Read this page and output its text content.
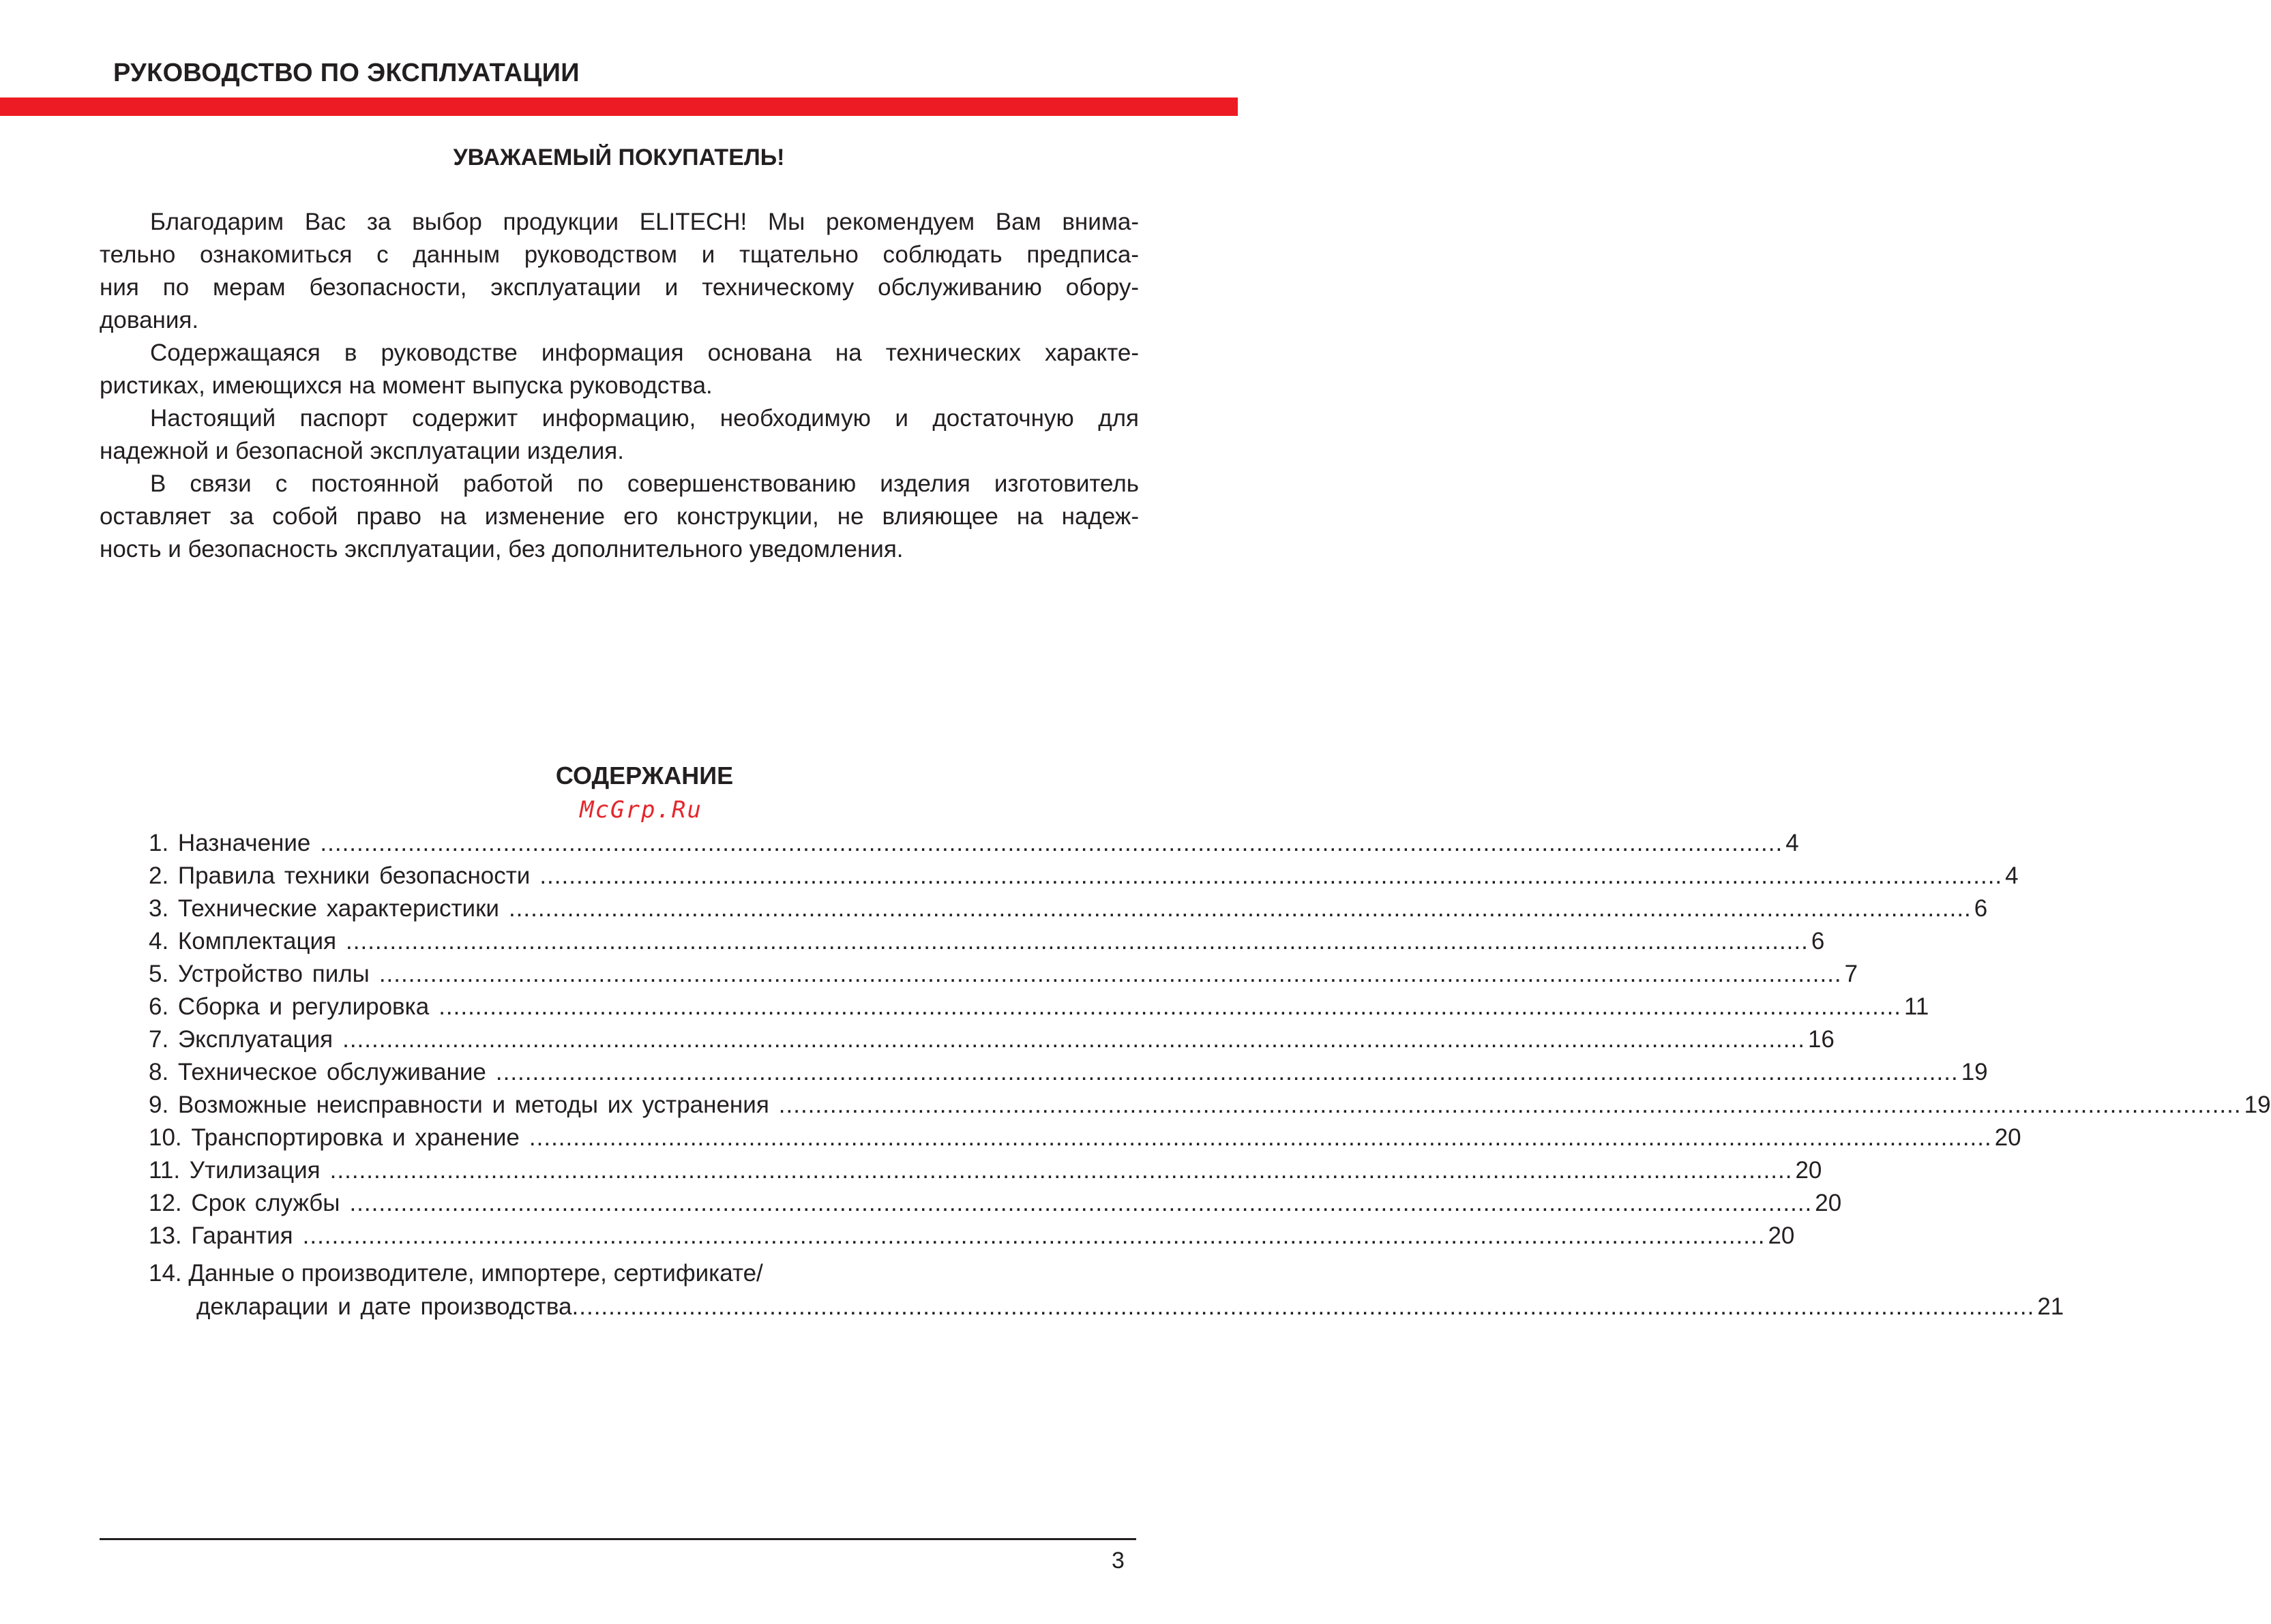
РУКОВОДСТВО ПО ЭКСПЛУАТАЦИИ
УВАЖАЕМЫЙ ПОКУПАТЕЛЬ!

Благодарим Вас за выбор продукции ELITECH! Мы рекомендуем Вам внима-
тельно ознакомиться с данным руководством и тщательно соблюдать предписа-
ния по мерам безопасности, эксплуатации и техническому обслуживанию обору-
дования.

Содержащаяся в руководстве информация основана на технических характе-
ристиках, имеющихся на момент выпуска руководства.

Настоящий паспорт содержит информацию, необходимую и достаточную для
надежной и безопасной эксплуатации изделия.

В связи с постоянной работой по совершенствованию изделия изготовитель
оставляет за собой право на изменение его конструкции, не влияющее на надеж-
ность и безопасность эксплуатации, без дополнительного уведомления.

СОДЕРЖАНИЕ
McGrp.Ru
1. Назначение ........................................................................................................................................................................................................ 4
2. Правила техники безопасности ........................................................................................................................................................................................................ 4
3. Технические характеристики ........................................................................................................................................................................................................ 6
4. Комплектация ........................................................................................................................................................................................................ 6
5. Устройство пилы ........................................................................................................................................................................................................ 7
6. Сборка и регулировка ........................................................................................................................................................................................................ 11
7. Эксплуатация ........................................................................................................................................................................................................ 16
8. Техническое обслуживание ........................................................................................................................................................................................................ 19
9. Возможные неисправности и методы их устранения ........................................................................................................................................................................................................ 19
10. Транспортировка и хранение ........................................................................................................................................................................................................ 20
11. Утилизация ........................................................................................................................................................................................................ 20
12. Срок службы ........................................................................................................................................................................................................ 20
13. Гарантия ........................................................................................................................................................................................................ 20
14. Данные о производителе, импортере, сертификате/
декларации и дате производства ........................................................................................................................................................................................................ 21
3
